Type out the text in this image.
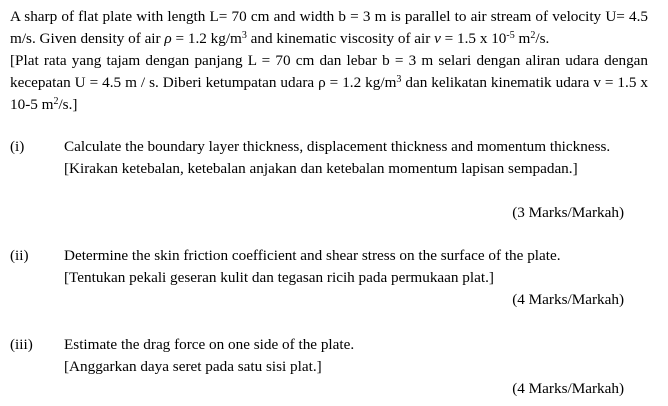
A sharp of flat plate with length L= 70 cm and width b = 3 m is parallel to air stream of velocity U= 4.5 m/s. Given density of air ρ = 1.2 $kg/m^3$ and kinematic viscosity of air ν = 1.5 x $10^{-5}$ $m^2/s$.

[Plat rata yang tajam dengan panjang L = 70 cm dan lebar b = 3 m selari dengan aliran udara dengan kecepatan U = 4.5 m / s. Diberi ketumpatan udara ρ = 1.2 $kg/m^3$ dan kelikatan kinematik udara v = 1.5 x 10-5 $m^2/s$.]

(i)	Calculate the boundary layer thickness, displacement thickness and momentum thickness.

[Kirakan ketebalan, ketebalan anjakan dan ketebalan momentum lapisan sempadan.]

(3 Marks/Markah)
(ii) Determine the skin friction coefficient and shear stress on the surface of the plate.

[Tentukan pekali geseran kulit dan tegasan ricih pada permukaan plat.]

(4 Marks/Markah)
(iii) Estimate the drag force on one side of the plate.

[Anggarkan daya seret pada satu sisi plat.]

(4 Marks/Markah)
